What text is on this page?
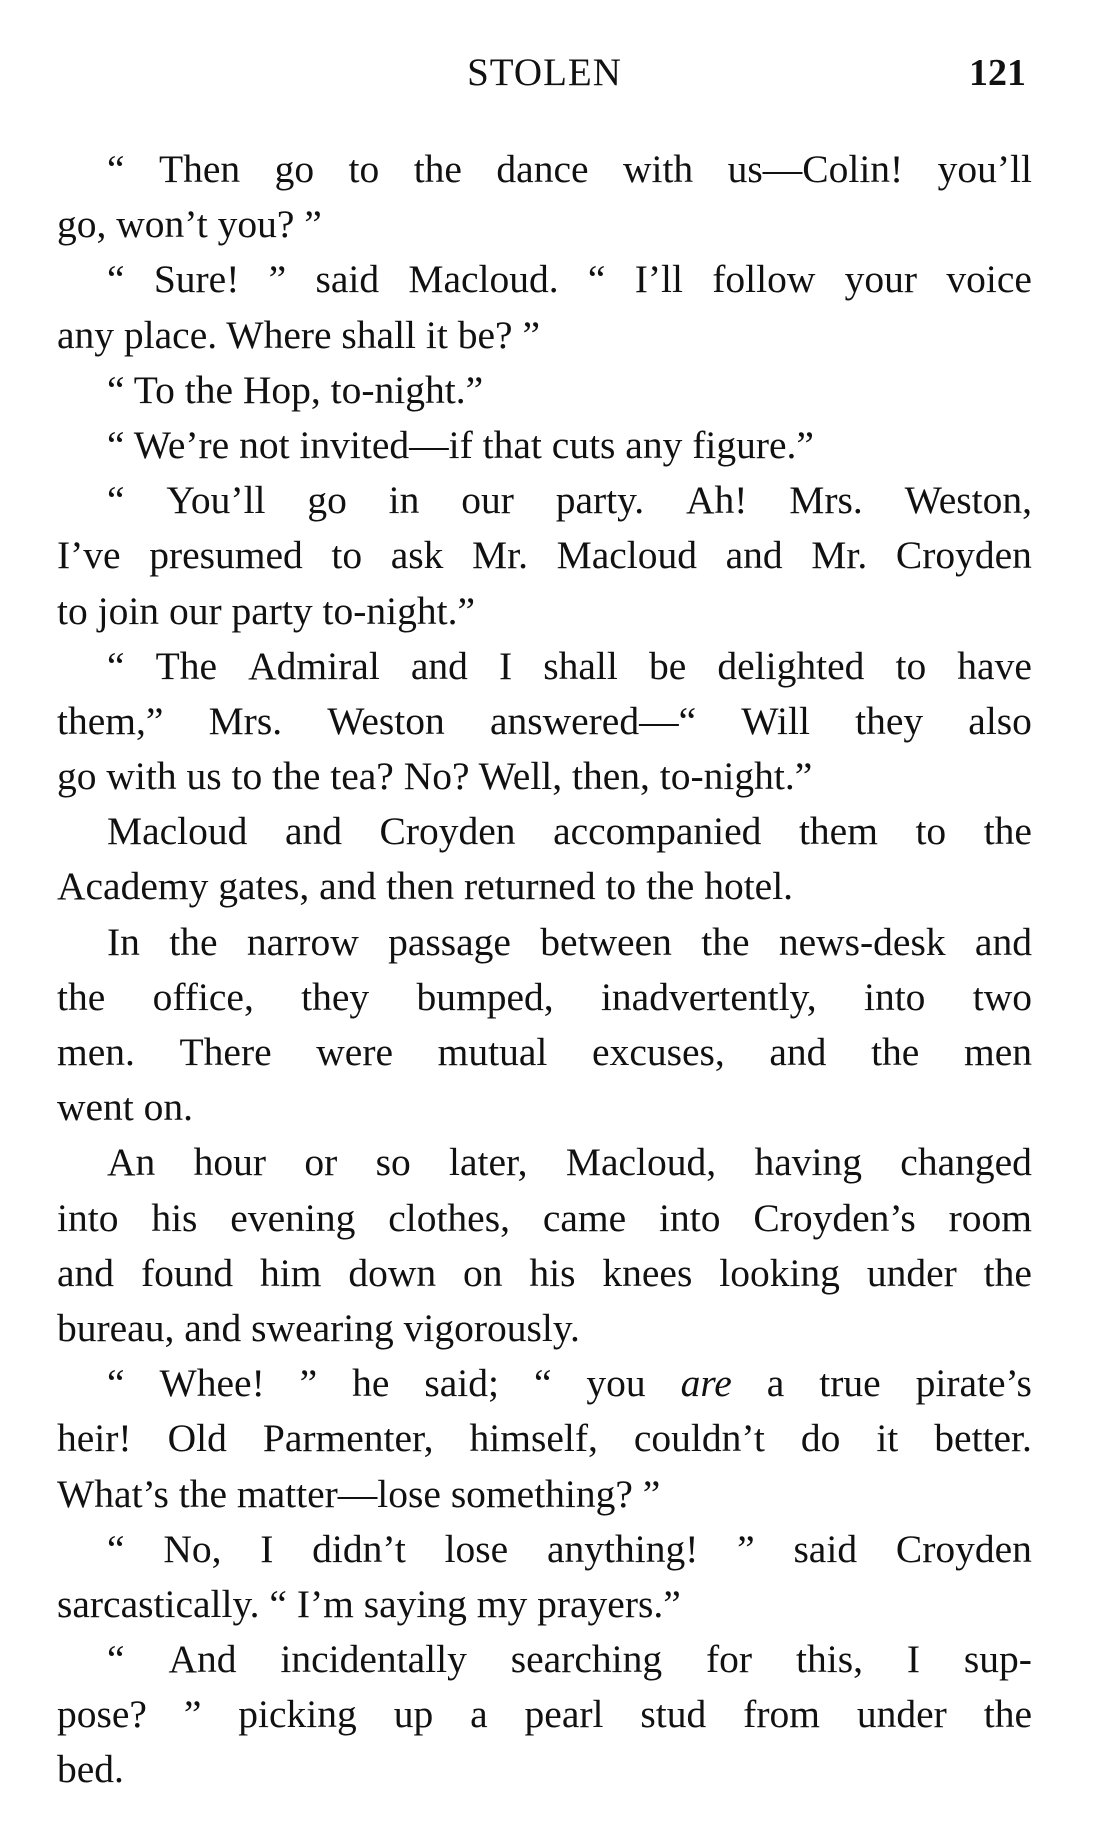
STOLEN	121
“ Then go to the dance with us—Colin! you’ll
go, won’t you? ”
“ Sure! ” said Macloud. “ I’ll follow your voice
any place. Where shall it be? ”
“ To the Hop, to-night.”
“ We’re not invited—if that cuts any figure.”
“ You’ll go in our party. Ah! Mrs. Weston,
I’ve presumed to ask Mr. Macloud and Mr. Croyden
to join our party to-night.”
“ The Admiral and I shall be delighted to have
them,” Mrs. Weston answered—“ Will they also
go with us to the tea? No? Well, then, to-night.”
Macloud and Croyden accompanied them to the
Academy gates, and then returned to the hotel.
In the narrow passage between the news-desk and
the office, they bumped, inadvertently, into two
men. There were mutual excuses, and the men
went on.
An hour or so later, Macloud, having changed
into his evening clothes, came into Croyden’s room
and found him down on his knees looking under the
bureau, and swearing vigorously.
“ Whee! ” he said; “ you are a true pirate’s
heir! Old Parmenter, himself, couldn’t do it better.
What’s the matter—lose something? ”
“ No, I didn’t lose anything! ” said Croyden
sarcastically. “ I’m saying my prayers.”
“ And incidentally searching for this, I sup-
pose? ” picking up a pearl stud from under the
bed.
